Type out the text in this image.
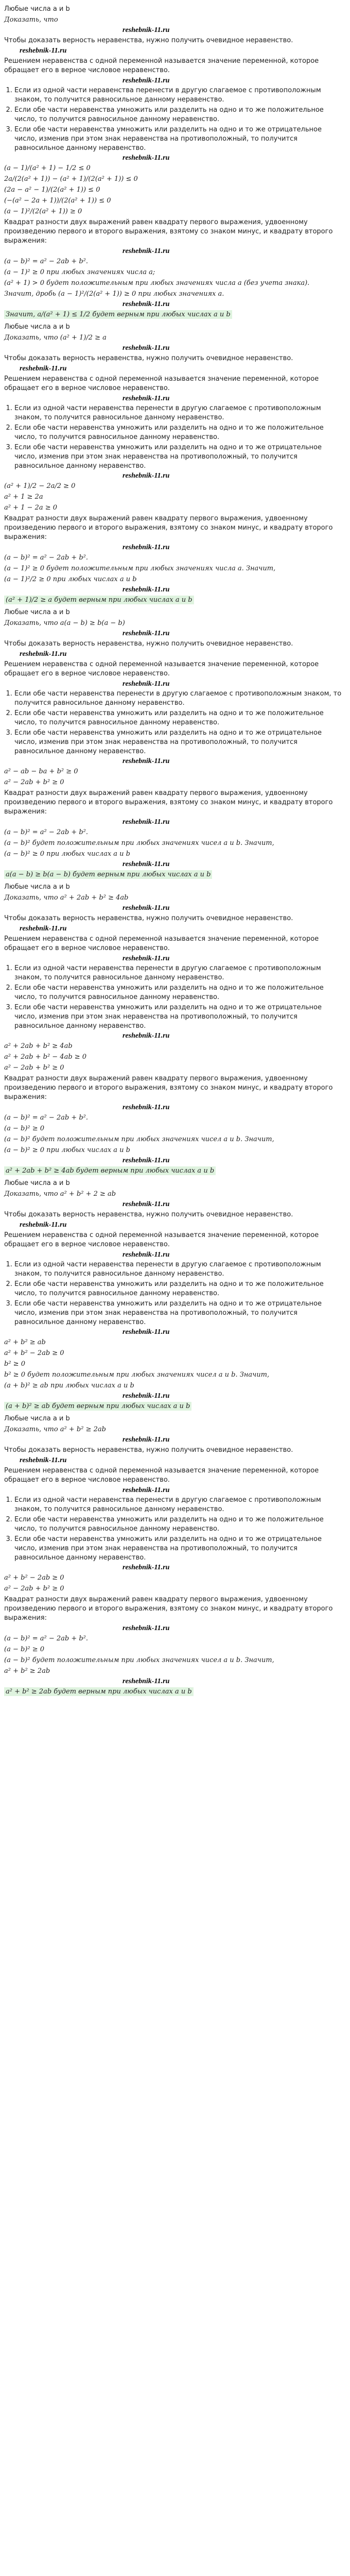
Любые числа a и b
Доказать, что
reshebnik-11.ru
Чтобы доказать верность неравенства, нужно получить очевидное неравенство.
reshebnik-11.ru
Решением неравенства с одной переменной называется значение переменной, которое обращает его в верное числовое неравенство.
reshebnik-11.ru
1. Если из одной части неравенства перенести в другую слагаемое с противоположным знаком, то получится равносильное данному неравенство.
2. Если обе части неравенства умножить или разделить на одно и то же положительное число, то получится равносильное данному неравенство.
3. Если обе части неравенства умножить или разделить на одно и то же отрицательное число, изменив при этом знак неравенства на противоположный, то получится равносильное данному неравенство.
reshebnik-11.ru
(a − 1)/(a² + 1) − 1/2 ≤ 0
2a/(2(a² + 1)) − (a² + 1)/(2(a² + 1)) ≤ 0
(2a − a² − 1)/(2(a² + 1)) ≤ 0
(−(a² − 2a + 1))/(2(a² + 1)) ≤ 0
(a − 1)²/(2(a² + 1)) ≥ 0
Квадрат разности двух выражений равен квадрату первого выражения, удвоенному произведению первого и второго выражения, взятому со знаком минус, и квадрату второго выражения:
reshebnik-11.ru
(a − b)² = a² − 2ab + b².
(a − 1)² ≥ 0 при любых значениях числа a;
(a² + 1) > 0 будет положительным при любых значениях числа a (без учета знака).
Значит, дробь (a − 1)²/(2(a² + 1)) ≥ 0 при любых значениях a.
reshebnik-11.ru
Значит, a/(a² + 1) ≤ 1/2 будет верным при любых числах a и b
Любые числа a и b
Доказать, что (a² + 1)/2 ≥ a
reshebnik-11.ru
Чтобы доказать верность неравенства, нужно получить очевидное неравенство.
reshebnik-11.ru
Решением неравенства с одной переменной называется значение переменной, которое обращает его в верное числовое неравенство.
reshebnik-11.ru
1. Если из одной части неравенства перенести в другую слагаемое с противоположным знаком, то получится равносильное данному неравенство.
2. Если обе части неравенства умножить или разделить на одно и то же положительное число, то получится равносильное данному неравенство.
3. Если обе части неравенства умножить или разделить на одно и то же отрицательное число, изменив при этом знак неравенства на противоположный, то получится равносильное данному неравенство.
reshebnik-11.ru
(a² + 1)/2 − 2a/2 ≥ 0
a² + 1 ≥ 2a
a² + 1 − 2a ≥ 0
Квадрат разности двух выражений равен квадрату первого выражения, удвоенному произведению первого и второго выражения, взятому со знаком минус, и квадрату второго выражения:
reshebnik-11.ru
(a − b)² = a² − 2ab + b².
(a − 1)² ≥ 0 будет положительным при любых значениях числа a. Значит,
(a − 1)²/2 ≥ 0 при любых числах a и b
reshebnik-11.ru
(a² + 1)/2 ≥ a будет верным при любых числах a и b
Любые числа a и b
Доказать, что a(a − b) ≥ b(a − b)
reshebnik-11.ru
Чтобы доказать верность неравенства, нужно получить очевидное неравенство.
reshebnik-11.ru
Решением неравенства с одной переменной называется значение переменной, которое обращает его в верное числовое неравенство.
reshebnik-11.ru
1. Если обе части неравенства перенести в другую слагаемое с противоположным знаком, то получится равносильное данному неравенство.
2. Если обе части неравенства умножить или разделить на одно и то же положительное число, то получится равносильное данному неравенство.
3. Если обе части неравенства умножить или разделить на одно и то же отрицательное число, изменив при этом знак неравенства на противоположный, то получится равносильное данному неравенство.
reshebnik-11.ru
a² − ab − ba + b² ≥ 0
a² − 2ab + b² ≥ 0
Квадрат разности двух выражений равен квадрату первого выражения, удвоенному произведению первого и второго выражения, взятому со знаком минус, и квадрату второго выражения:
reshebnik-11.ru
(a − b)² = a² − 2ab + b².
(a − b)² будет положительным при любых значениях чисел a и b. Значит,
(a − b)² ≥ 0 при любых числах a и b
reshebnik-11.ru
a(a − b) ≥ b(a − b) будет верным при любых числах a и b
Любые числа a и b
Доказать, что a² + 2ab + b² ≥ 4ab
reshebnik-11.ru
Чтобы доказать верность неравенства, нужно получить очевидное неравенство.
reshebnik-11.ru
Решением неравенства с одной переменной называется значение переменной, которое обращает его в верное числовое неравенство.
reshebnik-11.ru
1. Если из одной части неравенства перенести в другую слагаемое с противоположным знаком, то получится равносильное данному неравенство.
2. Если обе части неравенства умножить или разделить на одно и то же положительное число, то получится равносильное данному неравенство.
3. Если обе части неравенства умножить или разделить на одно и то же отрицательное число, изменив при этом знак неравенства на противоположный, то получится равносильное данному неравенство.
reshebnik-11.ru
a² + 2ab + b² ≥ 4ab
a² + 2ab + b² − 4ab ≥ 0
a² − 2ab + b² ≥ 0
Квадрат разности двух выражений равен квадрату первого выражения, удвоенному произведению первого и второго выражения, взятому со знаком минус, и квадрату второго выражения:
reshebnik-11.ru
(a − b)² = a² − 2ab + b².
(a − b)² ≥ 0
(a − b)² будет положительным при любых значениях чисел a и b. Значит,
(a − b)² ≥ 0 при любых числах a и b
reshebnik-11.ru
a² + 2ab + b² ≥ 4ab будет верным при любых числах a и b
Любые числа a и b
Доказать, что a² + b² + 2 ≥ ab
reshebnik-11.ru
Чтобы доказать верность неравенства, нужно получить очевидное неравенство.
reshebnik-11.ru
Решением неравенства с одной переменной называется значение переменной, которое обращает его в верное числовое неравенство.
reshebnik-11.ru
1. Если из одной части неравенства перенести в другую слагаемое с противоположным знаком, то получится равносильное данному неравенство.
2. Если обе части неравенства умножить или разделить на одно и то же положительное число, то получится равносильное данному неравенство.
3. Если обе части неравенства умножить или разделить на одно и то же отрицательное число, изменив при этом знак неравенства на противоположный, то получится равносильное данному неравенство.
reshebnik-11.ru
a² + b² ≥ ab
a² + b² − 2ab ≥ 0
b² ≥ 0
b² ≥ 0 будет положительным при любых значениях чисел a и b. Значит,
(a + b)² ≥ ab при любых числах a и b
reshebnik-11.ru
(a + b)² ≥ ab будет верным при любых числах a и b
Любые числа a и b
Доказать, что a² + b² ≥ 2ab
reshebnik-11.ru
Чтобы доказать верность неравенства, нужно получить очевидное неравенство.
reshebnik-11.ru
Решением неравенства с одной переменной называется значение переменной, которое обращает его в верное числовое неравенство.
reshebnik-11.ru
1. Если из одной части неравенства перенести в другую слагаемое с противоположным знаком, то получится равносильное данному неравенство.
2. Если обе части неравенства умножить или разделить на одно и то же положительное число, то получится равносильное данному неравенство.
3. Если обе части неравенства умножить или разделить на одно и то же отрицательное число, изменив при этом знак неравенства на противоположный, то получится равносильное данному неравенство.
reshebnik-11.ru
a² + b² − 2ab ≥ 0
a² − 2ab + b² ≥ 0
Квадрат разности двух выражений равен квадрату первого выражения, удвоенному произведению первого и второго выражения, взятому со знаком минус, и квадрату второго выражения:
reshebnik-11.ru
(a − b)² = a² − 2ab + b².
(a − b)² ≥ 0
(a − b)² будет положительным при любых значениях чисел a и b. Значит,
a² + b² ≥ 2ab
reshebnik-11.ru
a² + b² ≥ 2ab будет верным при любых числах a и b
